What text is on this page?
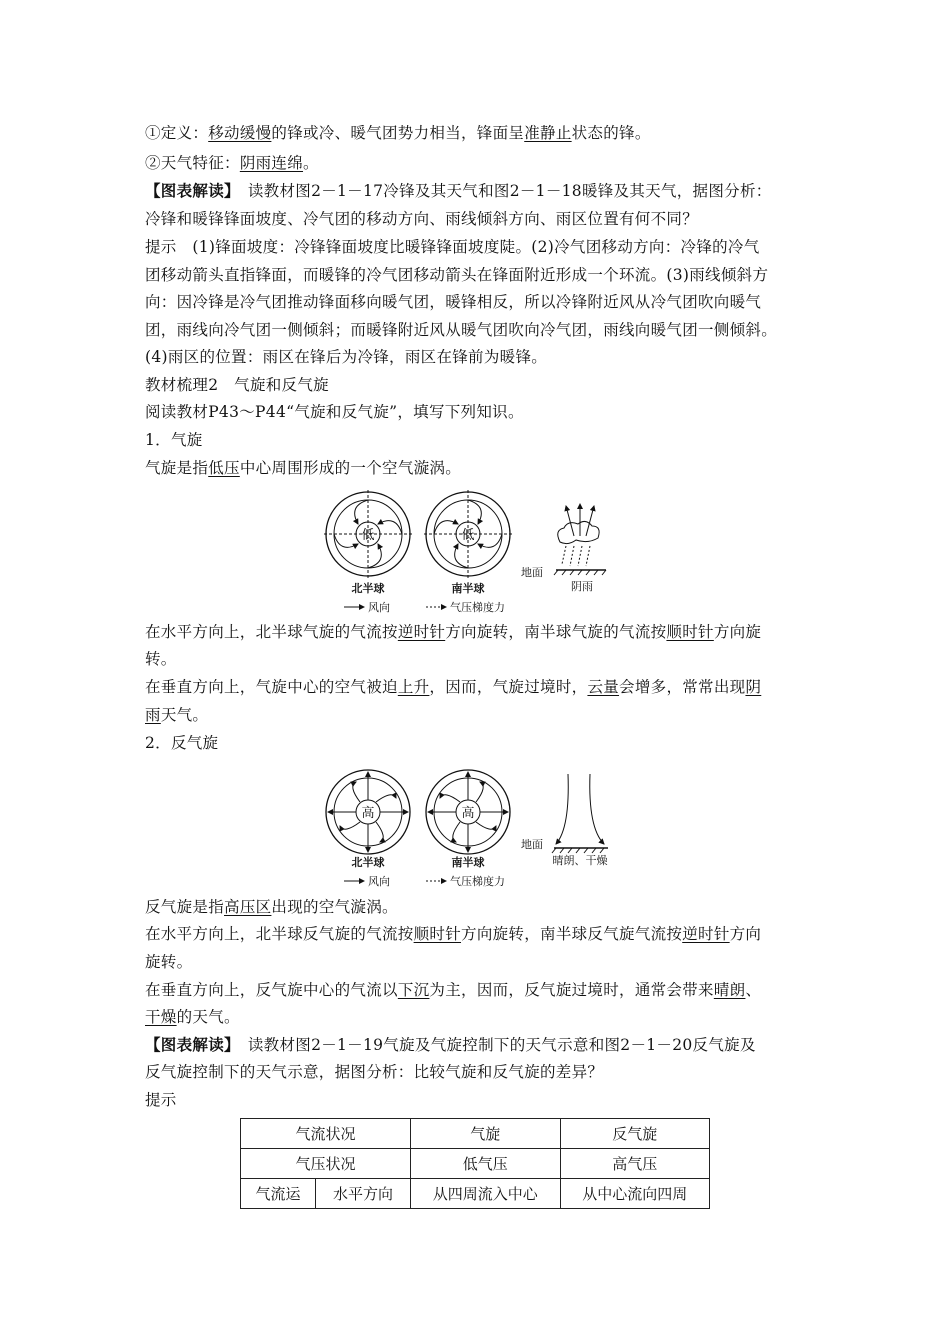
①定义：移动缓慢的锋或冷、暖气团势力相当，锋面呈准静止状态的锋。
②天气特征：阴雨连绵。
【图表解读】　读教材图2－1－17冷锋及其天气和图2－1－18暖锋及其天气，据图分析：
冷锋和暖锋锋面坡度、冷气团的移动方向、雨线倾斜方向、雨区位置有何不同？
提示　(1)锋面坡度：冷锋锋面坡度比暖锋锋面坡度陡。(2)冷气团移动方向：冷锋的冷气
团移动箭头直指锋面，而暖锋的冷气团移动箭头在锋面附近形成一个环流。(3)雨线倾斜方
向：因冷锋是冷气团推动锋面移向暖气团，暖锋相反，所以冷锋附近风从冷气团吹向暖气
团，雨线向冷气团一侧倾斜；而暖锋附近风从暖气团吹向冷气团，雨线向暖气团一侧倾斜。
(4)雨区的位置：雨区在锋后为冷锋，雨区在锋前为暖锋。
教材梳理2　气旋和反气旋
阅读教材P43～P44“气旋和反气旋”，填写下列知识。
1．气旋
气旋是指低压中心周围形成的一个空气漩涡。
低	低
地面
阴雨
北半球	南半球
风向	气压梯度力
在水平方向上，北半球气旋的气流按逆时针方向旋转，南半球气旋的气流按顺时针方向旋
转。
在垂直方向上，气旋中心的空气被迫上升，因而，气旋过境时，云量会增多，常常出现阴
雨天气。
2．反气旋
高	高
地面
晴朗、干燥
北半球	南半球
风向	气压梯度力
反气旋是指高压区出现的空气漩涡。
在水平方向上，北半球反气旋的气流按顺时针方向旋转，南半球反气旋气流按逆时针方向
旋转。
在垂直方向上，反气旋中心的气流以下沉为主，因而，反气旋过境时，通常会带来晴朗、
干燥的天气。
【图表解读】　读教材图2－1－19气旋及气旋控制下的天气示意和图2－1－20反气旋及
反气旋控制下的天气示意，据图分析：比较气旋和反气旋的差异？
提示
气流状况		气旋	反气旋
气压状况		低气压	高气压
气流运	水平方向	从四周流入中心	从中心流向四周
